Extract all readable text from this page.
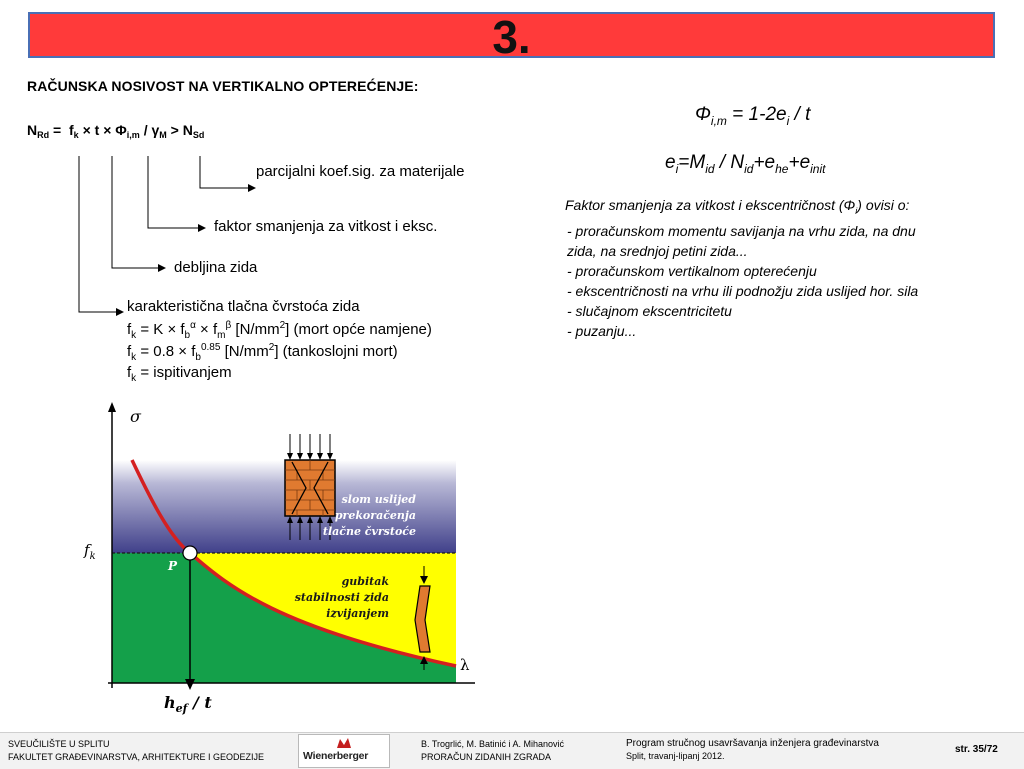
3.
RAČUNSKA NOSIVOST NA VERTIKALNO OPTEREĆENJE:
$N_{Rd} = f_k \times t \times \Phi_{i,m} / \gamma_M > N_{Sd}$
parcijalni koef.sig. za materijale
faktor smanjenja za vitkost i eksc.
debljina zida
karakteristična tlačna čvrstoća zida
$f_k = K \times f_b^\alpha \times f_m^\beta$ $[N/mm^2]$ (mort opće namjene)
$f_k = 0.8 \times f_b^{0.85}$ $[N/mm^2]$ (tankoslojni mort)
$f_k$ = ispitivanjem
$\Phi_{i,m} = 1-2e_i / t$
$e_i=M_{id} / N_{id}+e_{he}+e_{init}$
Faktor smanjenja za vitkost i ekscentričnost $(\Phi_i)$ ovisi o:
- proračunskom momentu savijanja na vrhu zida, na dnu
zida, na srednjoj petini zida...
- proračunskom vertikalnom opterećenju
- ekscentričnosti na vrhu ili podnožju zida uslijed hor. sila
- slučajnom ekscentricitetu
- puzanju...
slom uslijed
prekoračenja
tlačne čvrstoće
gubitak
stabilnosti zida
izvijanjem
σ
λ
$f_k$
P
$h_{ef}$ / t
SVEUČILIŠTE U SPLITU
FAKULTET GRAĐEVINARSTVA, ARHITEKTURE I GEODEZIJE	Wienerberger
B. Trogrlić, M. Batinić i A. Mihanović
PRORAČUN ZIDANIH ZGRADA
Program stručnog usavršavanja inženjera građevinarstva
Split, travanj-lipanj 2012.
str. 35/72
